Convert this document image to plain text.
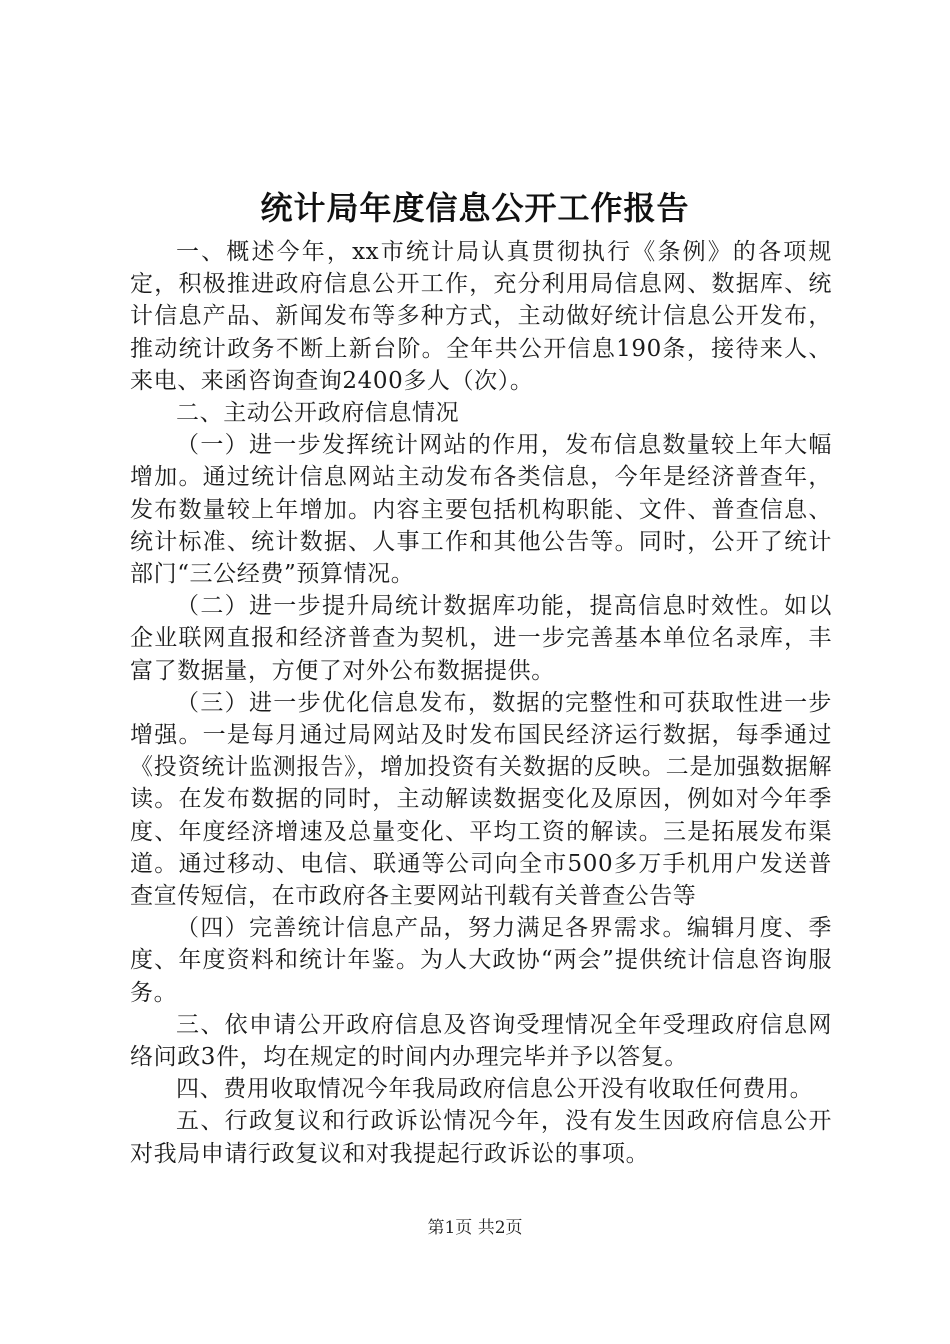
统计局年度信息公开工作报告

一、概述今年，xx市统计局认真贯彻执行《条例》的各项规定，积极推进政府信息公开工作，充分利用局信息网、数据库、统计信息产品、新闻发布等多种方式，主动做好统计信息公开发布，推动统计政务不断上新台阶。全年共公开信息190条，接待来人、来电、来函咨询查询2400多人（次）。

二、主动公开政府信息情况

（一）进一步发挥统计网站的作用，发布信息数量较上年大幅增加。通过统计信息网站主动发布各类信息，今年是经济普查年，发布数量较上年增加。内容主要包括机构职能、文件、普查信息、统计标准、统计数据、人事工作和其他公告等。同时，公开了统计部门“三公经费”预算情况。

（二）进一步提升局统计数据库功能，提高信息时效性。如以企业联网直报和经济普查为契机，进一步完善基本单位名录库，丰富了数据量，方便了对外公布数据提供。

（三）进一步优化信息发布，数据的完整性和可获取性进一步增强。一是每月通过局网站及时发布国民经济运行数据，每季通过《投资统计监测报告》，增加投资有关数据的反映。二是加强数据解读。在发布数据的同时，主动解读数据变化及原因，例如对今年季度、年度经济增速及总量变化、平均工资的解读。三是拓展发布渠道。通过移动、电信、联通等公司向全市500多万手机用户发送普查宣传短信，在市政府各主要网站刊载有关普查公告等

（四）完善统计信息产品，努力满足各界需求。编辑月度、季度、年度资料和统计年鉴。为人大政协“两会”提供统计信息咨询服务。

三、依申请公开政府信息及咨询受理情况全年受理政府信息网络问政3件，均在规定的时间内办理完毕并予以答复。

四、费用收取情况今年我局政府信息公开没有收取任何费用。

五、行政复议和行政诉讼情况今年，没有发生因政府信息公开对我局申请行政复议和对我提起行政诉讼的事项。

第1页 共2页
